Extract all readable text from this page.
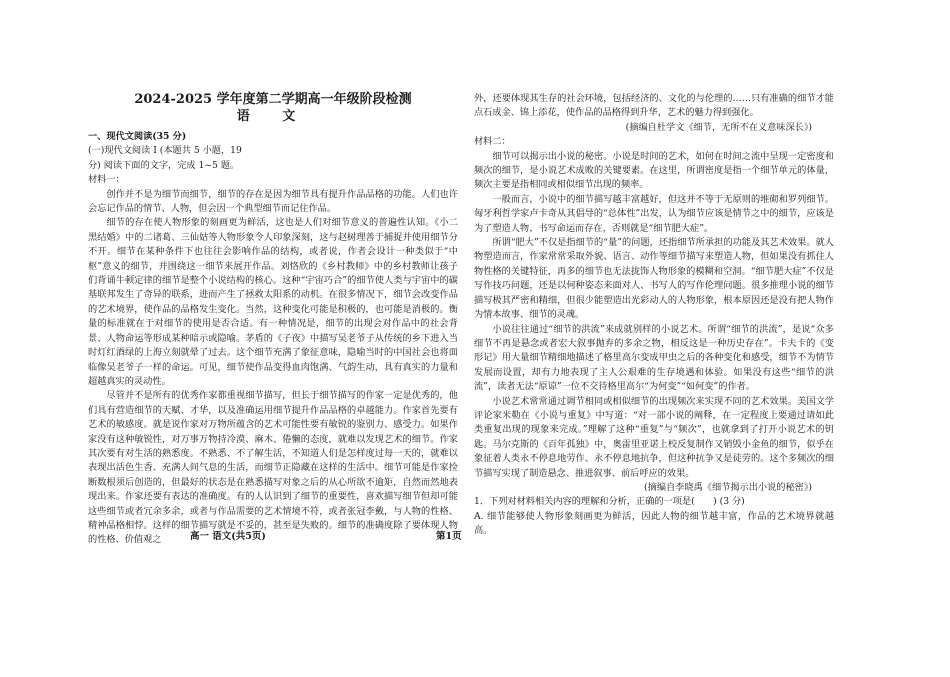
2024-2025 学年度第二学期高一年级阶段检测
语 文

一、现代文阅读(35 分)

(一)现代文阅读 Ⅰ (本题共 5 小题，19

分) 阅读下面的文字，完成 1~5 题。

材料一：

创作并不是为细节而细节，细节的存在是因为细节具有提升作品品格的功能。人们也许会忘记作品的情节、人物，但会因一个典型细节而记住作品。

细节的存在使人物形象的刻画更为鲜活，这也是人们对细节意义的普遍性认知。《小二黑结婚》中的二诸葛、三仙姑等人物形象令人印象深刻，这与赵树理善于捕捉并使用细节分不开。细节在某种条件下也往往会影响作品的结构，或者说，作者会设计一种类似于“中枢”意义的细节，并围绕这一细节来展开作品。刘恪欣的《乡村教师》中的乡村教师让孩子们背诵牛顿定律的细节是整个小说结构的核心。这种“宇宙巧合”的细节使人类与宇宙中的碳基联邦发生了奇异的联系，进而产生了拯救太阳系的动机。在很多情况下，细节会改变作品的艺术境界，使作品的品格发生变化。当然，这种变化可能是积极的，也可能是消极的。衡量的标准就在于对细节的使用是否合适。有一种情况是，细节的出现会对作品中的社会背景、人物命运等形成某种暗示或隐喻。茅盾的《子夜》中描写吴老爷子从传统的乡下进入当时灯红酒绿的上海立刻就晕了过去。这个细节充满了象征意味，隐喻当时的中国社会也将面临像吴老爷子一样的命运。可见，细节使作品变得血肉饱满、气韵生动，具有真实的力量和超越真实的灵动性。

尽管并不是所有的优秀作家都重视细节描写，但长于细节描写的作家一定是优秀的，他们具有营造细节的天赋、才华，以及准确运用细节提升作品品格的卓越能力。作家首先要有艺术的敏感度。就是说作家对万物所蕴含的艺术可能性要有敏锐的鉴别力、感受力。如果作家没有这种敏锐性，对万事万物持冷漠、麻木、倦懒的态度，就难以发现艺术的细节。作家其次要有对生活的熟悉度。不熟悉、不了解生活，不知道人们是怎样度过每一天的，就难以表现出活色生香、充满人间气息的生活，而细节正隐藏在这样的生活中。细节可能是作家捡断数根须后创造的，但最好的状态是在熟悉描写对象之后的从心所欲不逾矩，自然而然地表现出来。作家还要有表达的准确度。有的人认识到了细节的重要性，喜欢描写细节但却可能这些细节或者冗余多余，或者与作品需要的艺术情境不符，或者张冠李戴，与人物的性格、精神品格相悖。这样的细节描写就是不妥的，甚至是失败的。细节的准确度除了要体现人物的性格、价值观之

外，还要体现其生存的社会环境，包括经济的、文化的与伦理的……只有准确的细节才能点石成金、锦上添花，使作品的品格得到升华，艺术的魅力得到强化。

(摘编自杜学文《细节，无所不在义意味深长》)

材料二：

细节可以揭示出小说的秘密。小说是时间的艺术，如何在时间之流中呈现一定密度和频次的细节，是小说艺术成败的关键要素。在这里，所谓密度是指一个细节单元的体量，频次主要是指相同或相似细节出现的频率。

一般而言，小说中的细节描写越丰富越好，但这并不等于无原则的堆砌和罗列细节。匈牙利哲学家卢卡奇从其倡导的“总体性”出发，认为细节应该是情节之中的细节，应该是为了塑造人物、书写命运而存在，否则就是“细节肥大症”。

所谓“肥大”不仅是指细节的“量”的问题，还指细节所承担的功能及其艺术效果。就人物塑造而言，作家常常采取外貌、语言、动作等细节描写来塑造人物，但如果没有抓住人物性格的关键特征，再多的细节也无法拢饰人物形象的模糊和空洞。“细节肥大症”不仅是写作技巧问题，还是以何种姿态来面对人、书写人的写作伦理问题。很多推理小说的细节描写极其严密和精细，但很少能塑造出光彩动人的人物形象，根本原因还是没有把人物作为情本故事、细节的灵魂。

小说往往通过“细节的洪流”来成就别样的小说艺术。所谓“细节的洪流”，是说“众多细节不再是悬念或者宏大叙事抛弃的多余之物，相反这是一种历史存在”。卡夫卡的《变形记》用大量细节精细地描述了格里高尔变成甲虫之后的各种变化和感受，细节不为情节发展而设置，却有力地表现了主人公艰难的生存境遇和体验。如果没有这些“细节的洪流”，读者无法“原谅”一位不交待格里高尔“为何变”“如何变”的作者。

小说艺术常常通过调节相同或相似细节的出现频次来实现不同的艺术效果。美国文学评论家米勒在《小说与重复》中写道：“对一部小说的阐释，在一定程度上要通过请如此类重复出现的现象来完成。”理解了这种“重复”与“频次”，也就拿到了打开小说艺术的钥匙。马尔克斯的《百年孤独》中，奥雷里亚诺上校反复制作又销毁小金鱼的细节，似乎在象征着人类永不停息地劳作、永不停息地抗争，但这种抗争又是徒劳的。这个多频次的细节描写实现了制造悬念、推进叙事、前后呼应的效果。

(摘编自李晓禹《细节揭示出小说的秘密》)

1．下列对材料相关内容的理解和分析，正确的一项是(　　) (3 分)

A. 细节能够使人物形象刻画更为鲜活，因此人物的细节越丰富，作品的艺术境界就越高。

高一 语文(共5页)	第1页
